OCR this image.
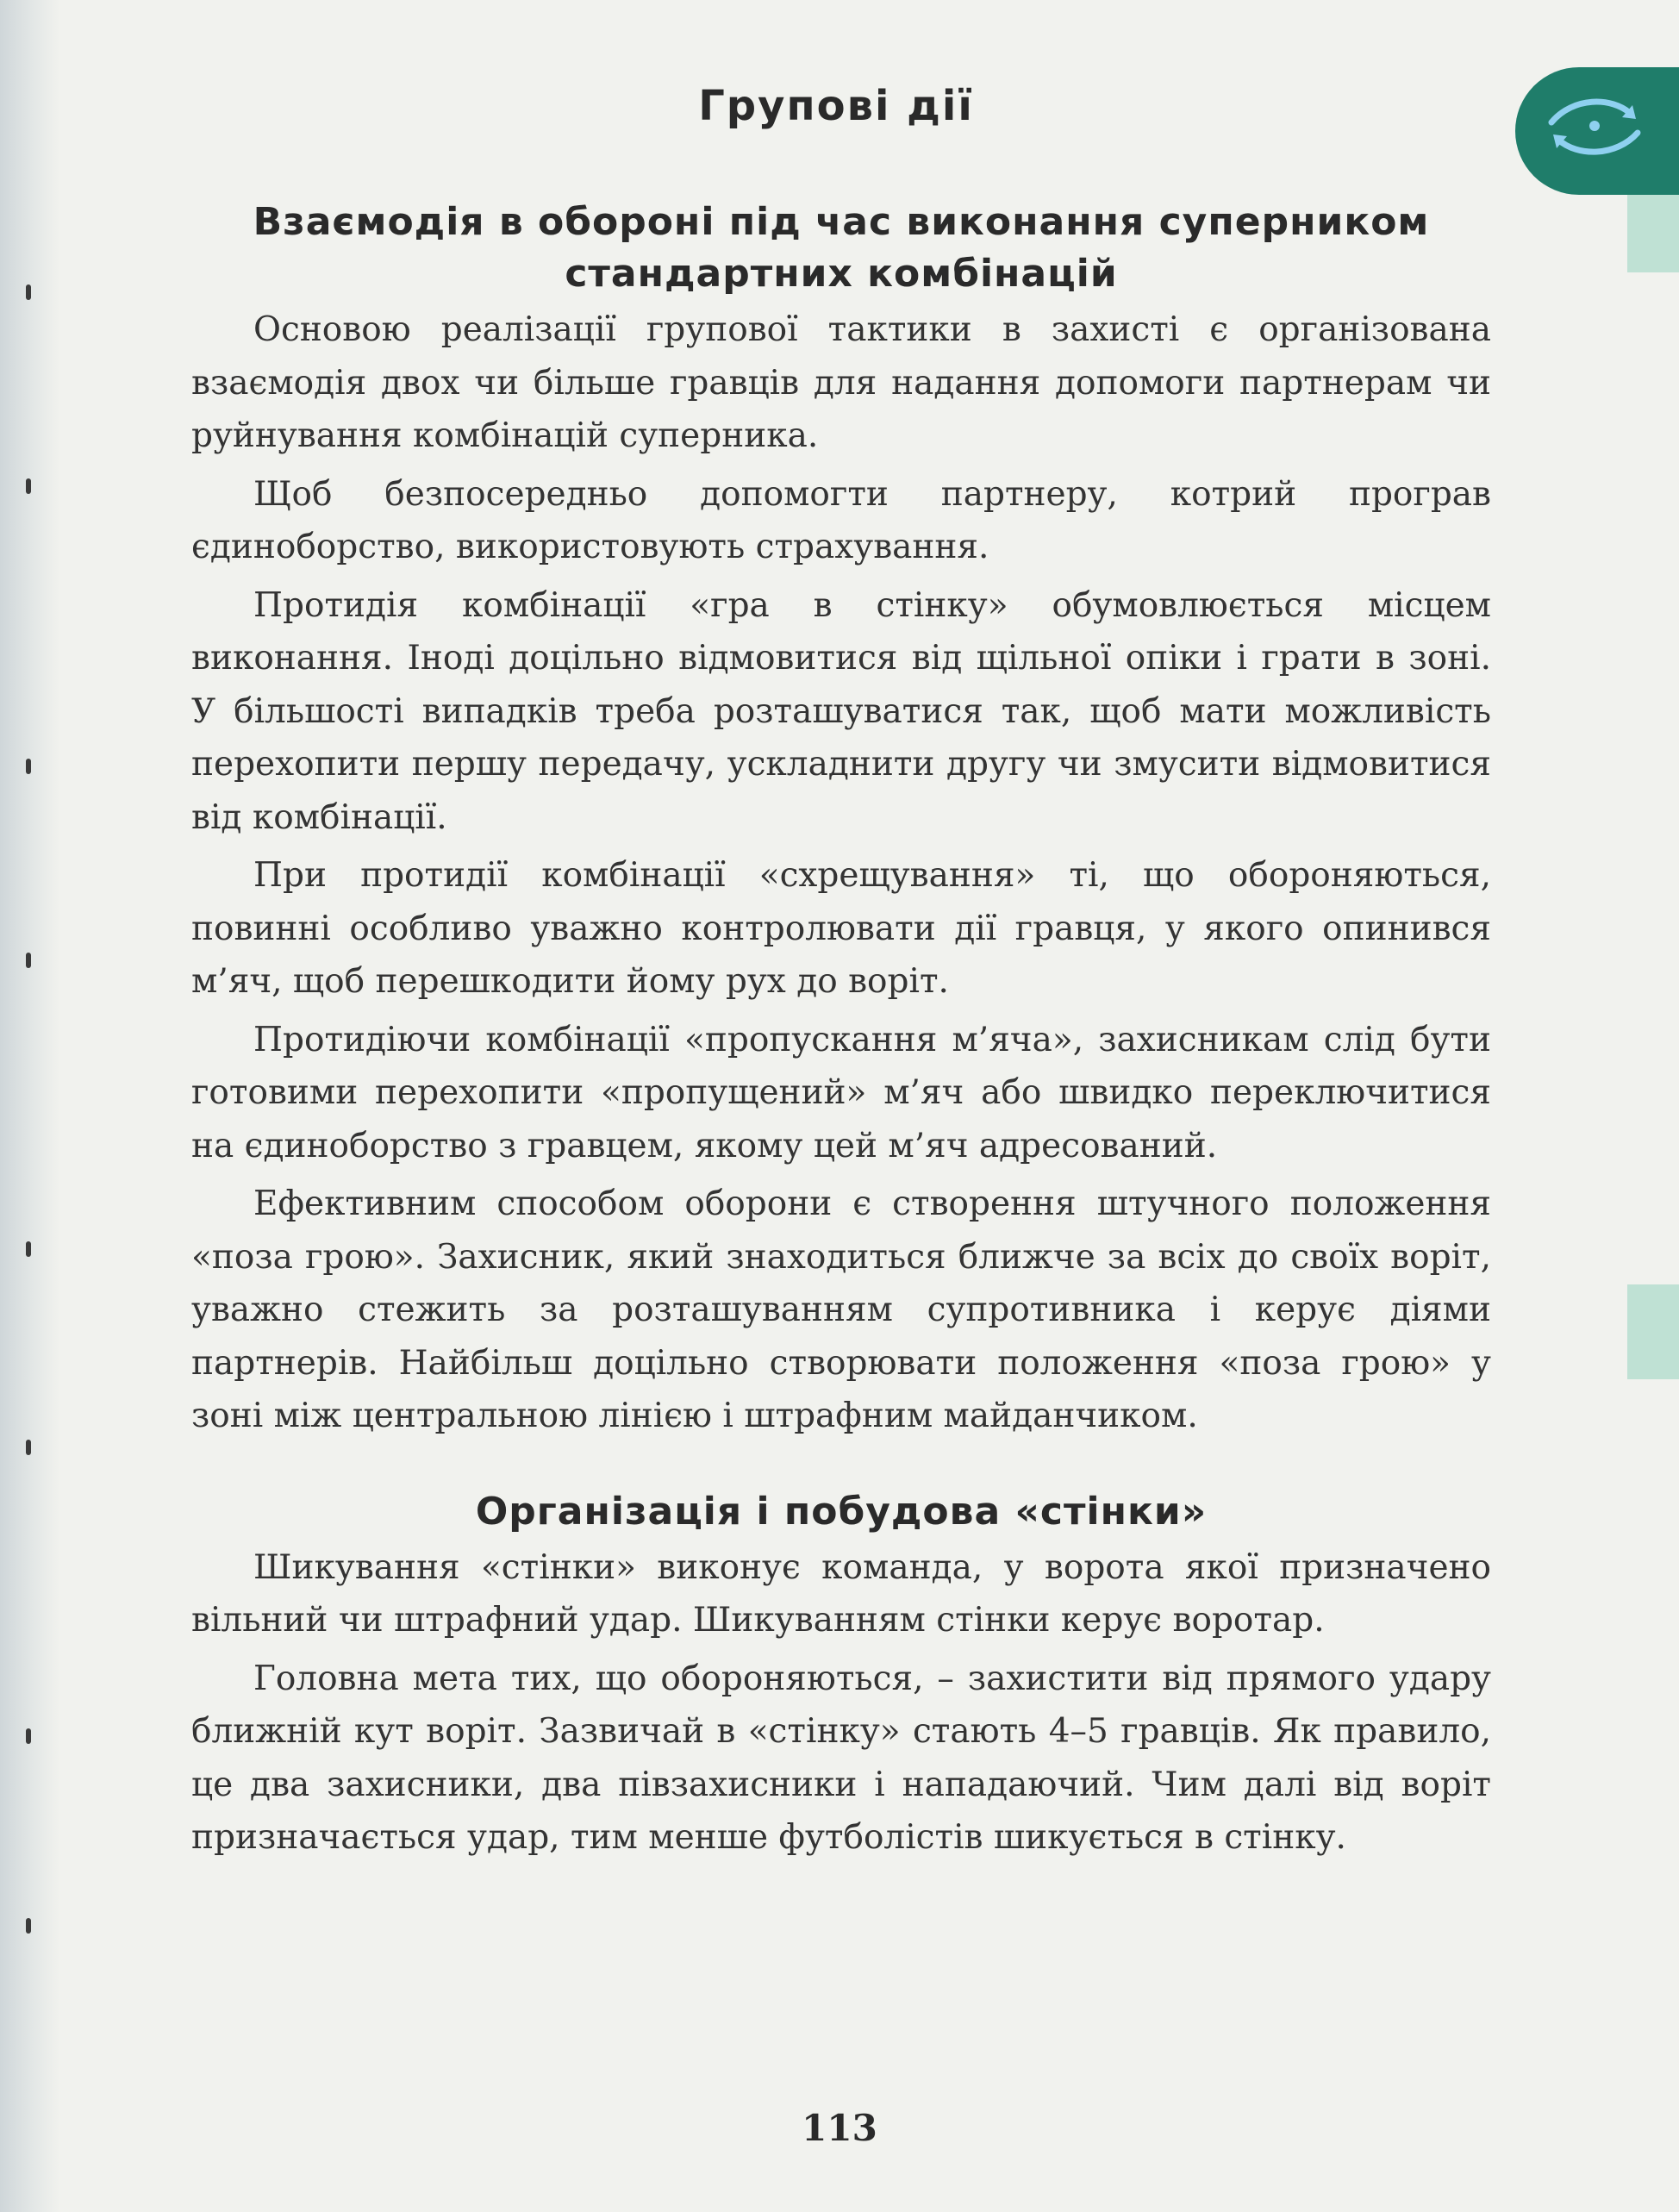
Групові дії
Взаємодія в обороні під час виконання суперником стандартних комбінацій

Основою реалізації групової тактики в захисті є організована взаємодія двох чи більше гравців для надання допомоги партнерам чи руйнування комбінацій суперника.

Щоб безпосередньо допомогти партнеру, котрий програв єдиноборство, використовують страхування.

Протидія комбінації «гра в стінку» обумовлюється місцем виконання. Іноді доцільно відмовитися від щільної опіки і грати в зоні. У більшості випадків треба розташуватися так, щоб мати можливість перехопити першу передачу, ускладнити другу чи змусити відмовитися від комбінації.

При протидії комбінації «схрещування» ті, що обороняються, повинні особливо уважно контролювати дії гравця, у якого опинився м’яч, щоб перешкодити йому рух до воріт.

Протидіючи комбінації «пропускання м’яча», захисникам слід бути готовими перехопити «пропущений» м’яч або швидко переключитися на єдиноборство з гравцем, якому цей м’яч адресований.

Ефективним способом оборони є створення штучного положення «поза грою». Захисник, який знаходиться ближче за всіх до своїх воріт, уважно стежить за розташуванням супротивника і керує діями партнерів. Найбільш доцільно створювати положення «поза грою» у зоні між центральною лінією і штрафним майданчиком.

Організація і побудова «стінки»

Шикування «стінки» виконує команда, у ворота якої призначено вільний чи штрафний удар. Шикуванням стінки керує воротар.

Головна мета тих, що обороняються, – захистити від прямого удару ближній кут воріт. Зазвичай в «стінку» стають 4–5 гравців. Як правило, це два захисники, два півзахисники і нападаючий. Чим далі від воріт призначається удар, тим менше футболістів шикується в стінку.

113
